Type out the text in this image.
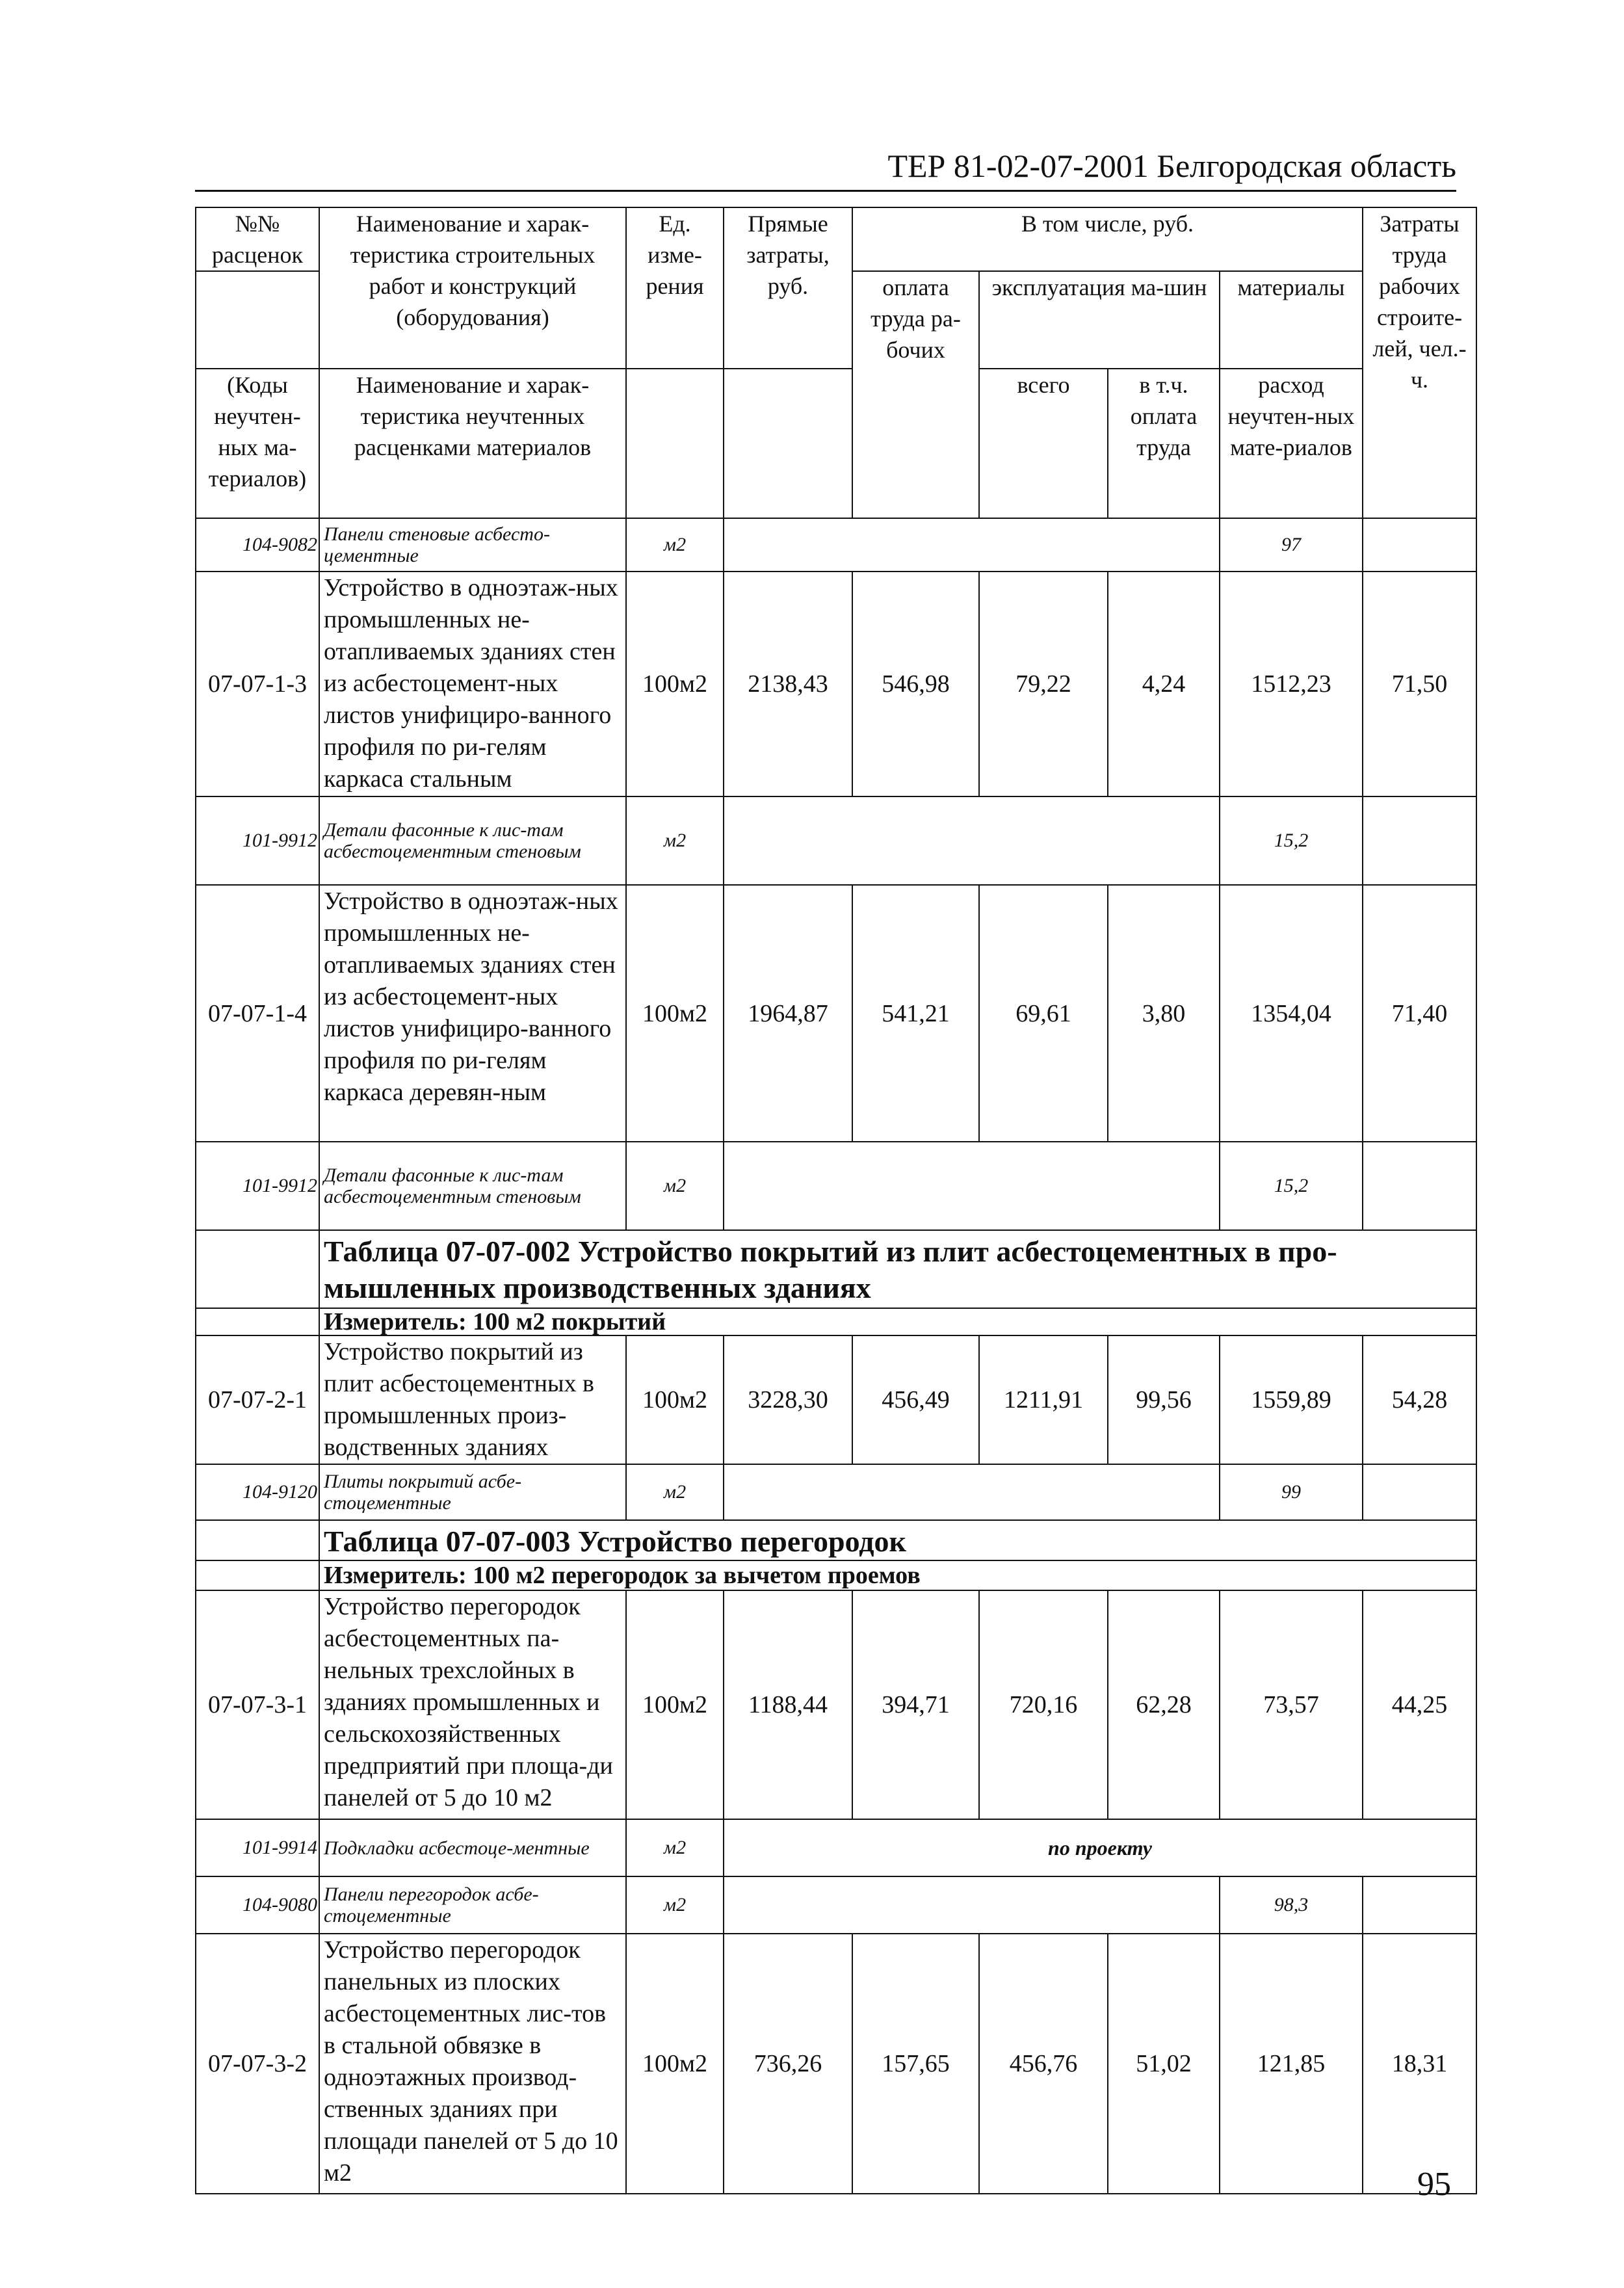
ТЕР 81-02-07-2001 Белгородская область
№№ расценок	Наименование и харак-теристика строительных работ и конструкций (оборудования)	Ед. изме-рения	Прямые затраты, руб.	В том числе, руб.				Затраты труда рабочих строите-лей, чел.-ч.
				оплата труда ра-бочих	эксплуатация ма-шин		материалы	
(Коды неучтен-ных ма-териалов)	Наименование и харак-теристика неучтенных расценками материалов				всего	в т.ч. оплата труда	расход неучтен-ных мате-риалов	
104-9082	Панели стеновые асбесто-цементные	м2					97	
07-07-1-3	Устройство в одноэтаж-ных промышленных не-отапливаемых зданиях стен из асбестоцемент-ных листов унифициро-ванного профиля по ри-гелям каркаса стальным	100м2	2138,43	546,98	79,22	4,24	1512,23	71,50
101-9912	Детали фасонные к лис-там асбестоцементным стеновым	м2					15,2	
07-07-1-4	Устройство в одноэтаж-ных промышленных не-отапливаемых зданиях стен из асбестоцемент-ных листов унифициро-ванного профиля по ри-гелям каркаса деревян-ным	100м2	1964,87	541,21	69,61	3,80	1354,04	71,40
101-9912	Детали фасонные к лис-там асбестоцементным стеновым	м2					15,2	
	Таблица 07-07-002 Устройство покрытий из плит асбестоцементных в про-мышленных производственных зданиях							
	Измеритель: 100 м2 покрытий							
07-07-2-1	Устройство покрытий из плит асбестоцементных в промышленных произ-водственных зданиях	100м2	3228,30	456,49	1211,91	99,56	1559,89	54,28
104-9120	Плиты покрытий асбе-стоцементные	м2					99	
	Таблица 07-07-003 Устройство перегородок							
	Измеритель: 100 м2 перегородок за вычетом проемов							
07-07-3-1	Устройство перегородок асбестоцементных па-нельных трехслойных в зданиях промышленных и сельскохозяйственных предприятий при площа-ди панелей от 5 до 10 м2	100м2	1188,44	394,71	720,16	62,28	73,57	44,25
101-9914	Подкладки асбестоце-ментные	м2	по проекту					
104-9080	Панели перегородок асбе-стоцементные	м2					98,3	
07-07-3-2	Устройство перегородок панельных из плоских асбестоцементных лис-тов в стальной обвязке в одноэтажных производ-ственных зданиях при площади панелей от 5 до 10 м2	100м2	736,26	157,65	456,76	51,02	121,85	18,31
95
